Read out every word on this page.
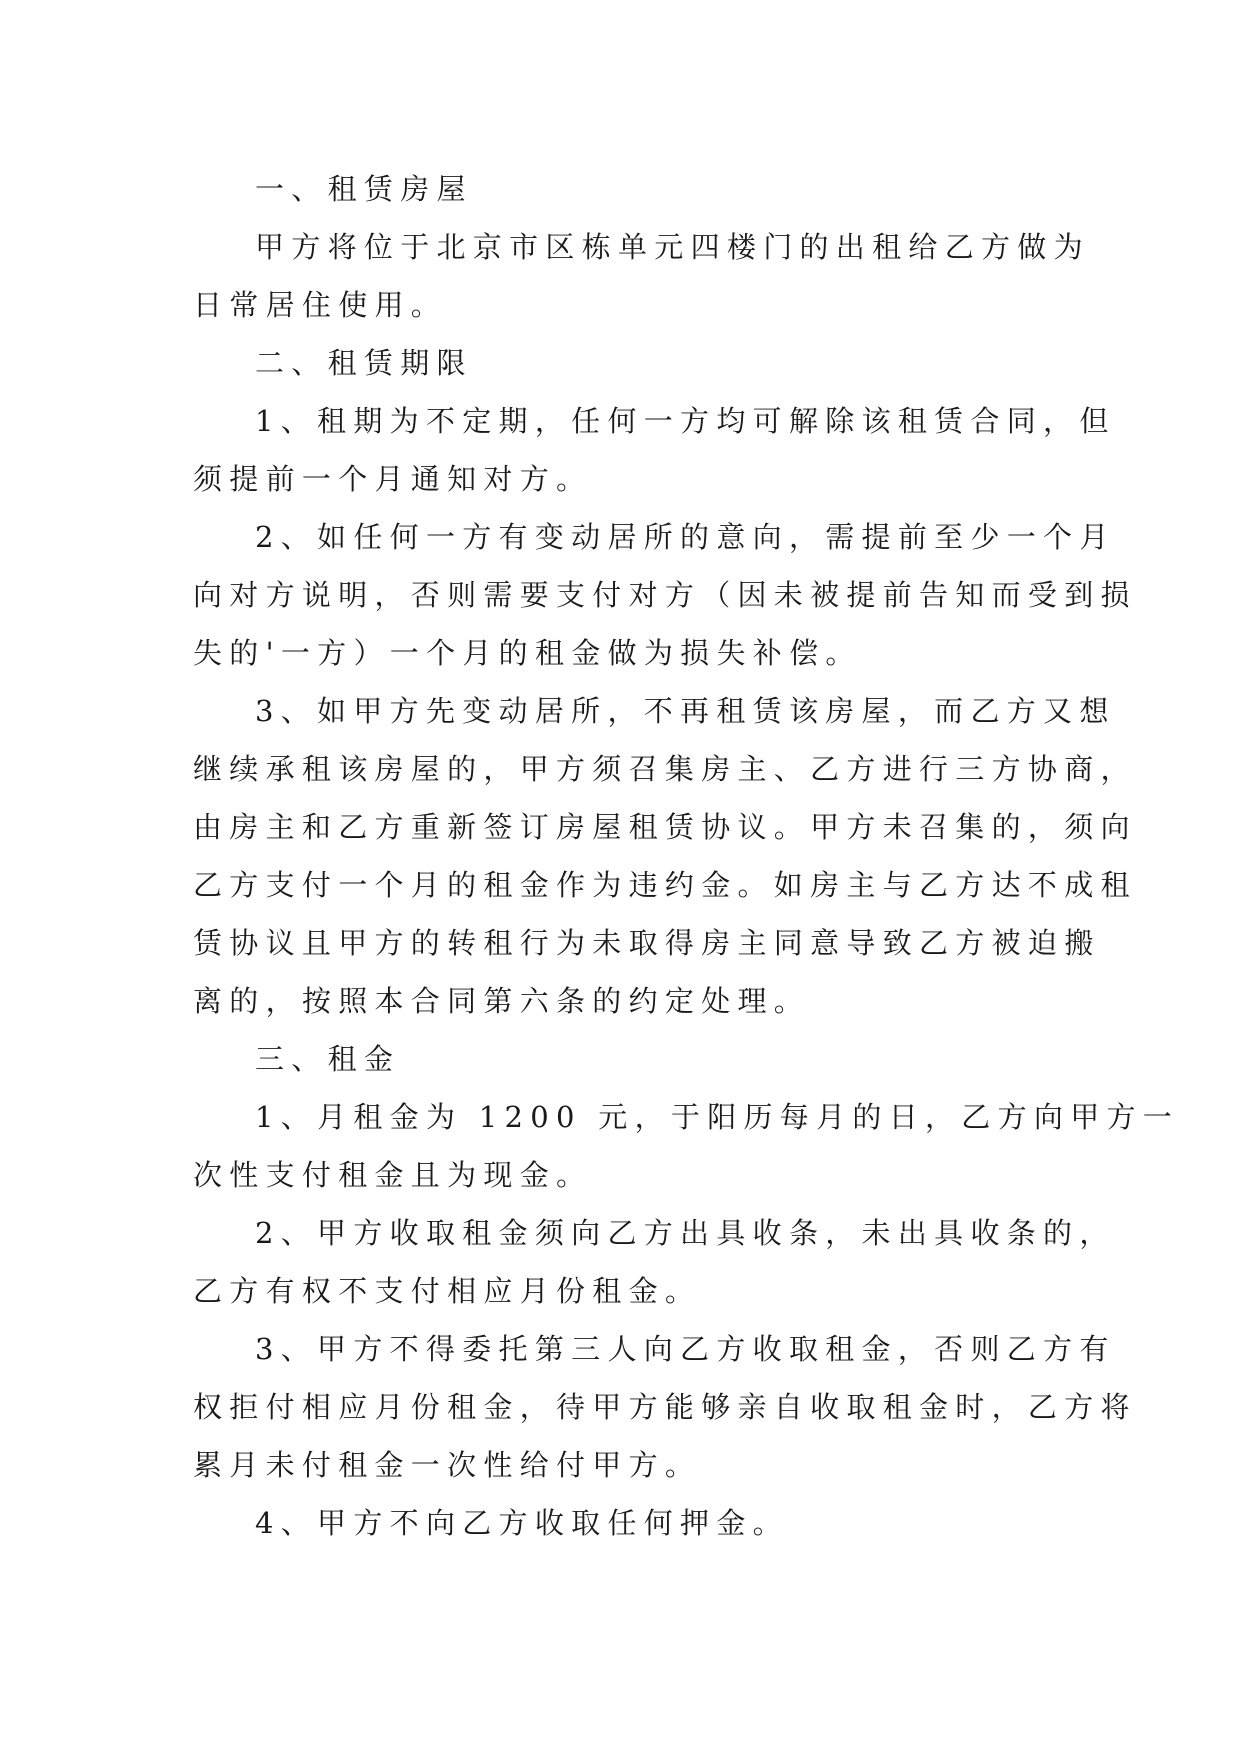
一、租赁房屋

甲方将位于北京市区栋单元四楼门的出租给乙方做为
日常居住使用。

二、租赁期限

1、租期为不定期，任何一方均可解除该租赁合同，但
须提前一个月通知对方。

2、如任何一方有变动居所的意向，需提前至少一个月
向对方说明，否则需要支付对方（因未被提前告知而受到损
失的'一方）一个月的租金做为损失补偿。

3、如甲方先变动居所，不再租赁该房屋，而乙方又想
继续承租该房屋的，甲方须召集房主、乙方进行三方协商，
由房主和乙方重新签订房屋租赁协议。甲方未召集的，须向
乙方支付一个月的租金作为违约金。如房主与乙方达不成租
赁协议且甲方的转租行为未取得房主同意导致乙方被迫搬
离的，按照本合同第六条的约定处理。

三、租金

1、月租金为 1200 元，于阳历每月的日，乙方向甲方一
次性支付租金且为现金。

2、甲方收取租金须向乙方出具收条，未出具收条的，
乙方有权不支付相应月份租金。

3、甲方不得委托第三人向乙方收取租金，否则乙方有
权拒付相应月份租金，待甲方能够亲自收取租金时，乙方将
累月未付租金一次性给付甲方。

4、甲方不向乙方收取任何押金。
